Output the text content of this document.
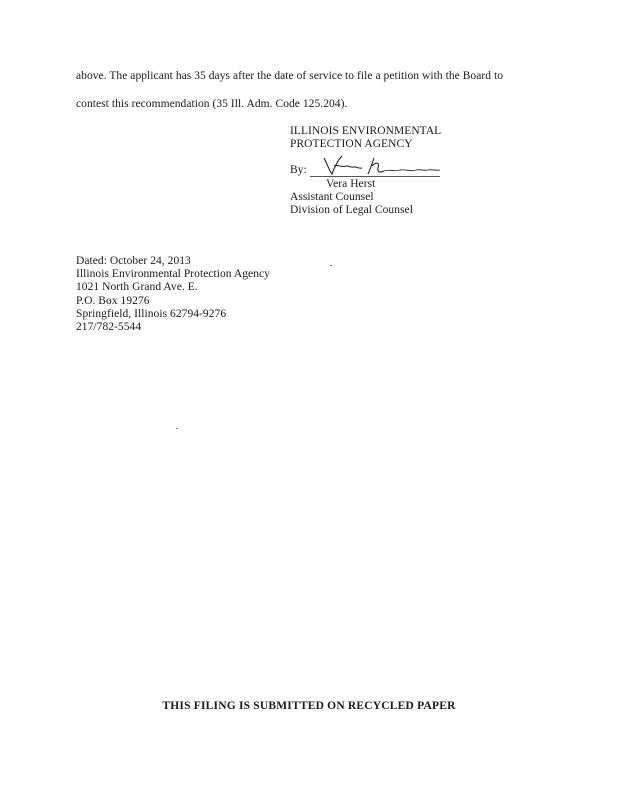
above. The applicant has 35 days after the date of service to file a petition with the Board to
contest this recommendation (35 Ill. Adm. Code 125.204).
ILLINOIS ENVIRONMENTAL
PROTECTION AGENCY
By:
Vera Herst
Assistant Counsel
Division of Legal Counsel
Dated: October 24, 2013
Illinois Environmental Protection Agency
1021 North Grand Ave. E.
P.O. Box 19276
Springfield, Illinois 62794-9276
217/782-5544
THIS FILING IS SUBMITTED ON RECYCLED PAPER
